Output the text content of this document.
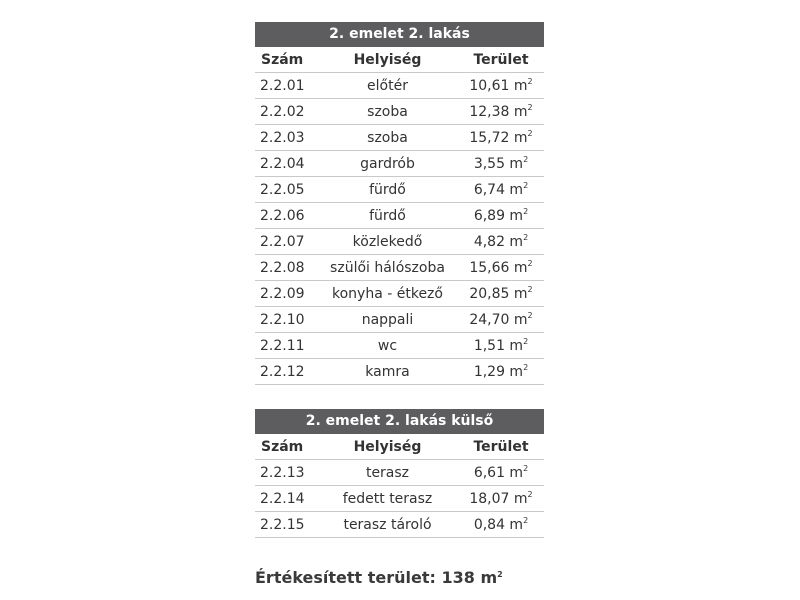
2. emelet 2. lakás
Szám	Helyiség	Terület
2.2.01	előtér	10,61 $m^2$
2.2.02	szoba	12,38 $m^2$
2.2.03	szoba	15,72 $m^2$
2.2.04	gardrób	3,55 $m^2$
2.2.05	fürdő	6,74 $m^2$
2.2.06	fürdő	6,89 $m^2$
2.2.07	közlekedő	4,82 $m^2$
2.2.08	szülői hálószoba	15,66 $m^2$
2.2.09	konyha - étkező	20,85 $m^2$
2.2.10	nappali	24,70 $m^2$
2.2.11	wc	1,51 $m^2$
2.2.12	kamra	1,29 $m^2$
2. emelet 2. lakás külső
Szám	Helyiség	Terület
2.2.13	terasz	6,61 $m^2$
2.2.14	fedett terasz	18,07 $m^2$
2.2.15	terasz tároló	0,84 $m^2$
Értékesített terület: 138 $m^2$
